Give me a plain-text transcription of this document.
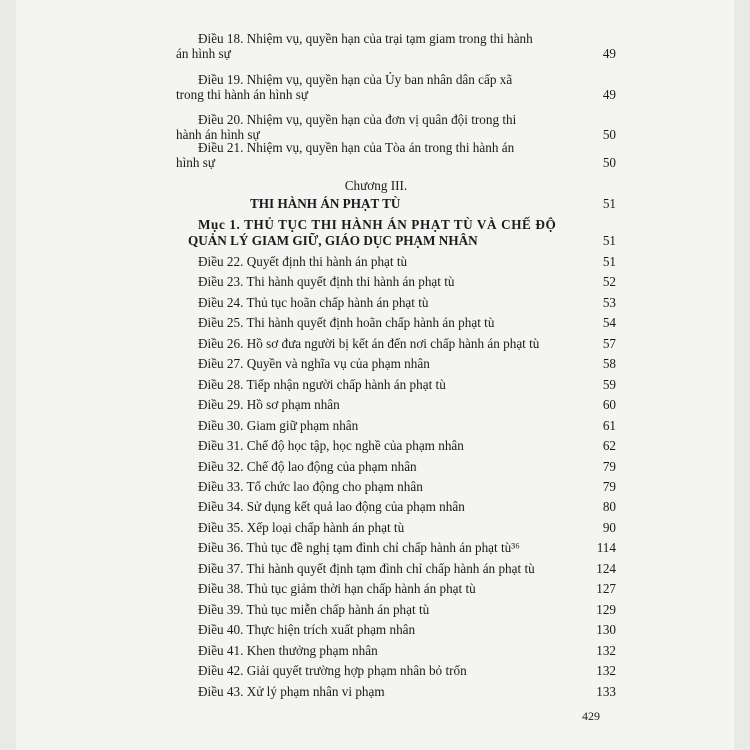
Điều 18. Nhiệm vụ, quyền hạn của trại tạm giam trong thi hành
án hình sự	49
Điều 19. Nhiệm vụ, quyền hạn của Ủy ban nhân dân cấp xã
trong thi hành án hình sự	49
Điều 20. Nhiệm vụ, quyền hạn của đơn vị quân đội trong thi
hành án hình sự	50
Điều 21. Nhiệm vụ, quyền hạn của Tòa án trong thi hành án
hình sự	50
Chương III.
THI HÀNH ÁN PHẠT TÙ	51
Mục 1. THỦ TỤC THI HÀNH ÁN PHẠT TÙ VÀ CHẾ ĐỘ
QUẢN LÝ GIAM GIỮ, GIÁO DỤC PHẠM NHÂN	51
Điều 22. Quyết định thi hành án phạt tù	51
Điều 23. Thi hành quyết định thi hành án phạt tù	52
Điều 24. Thủ tục hoãn chấp hành án phạt tù	53
Điều 25. Thi hành quyết định hoãn chấp hành án phạt tù	54
Điều 26. Hồ sơ đưa người bị kết án đến nơi chấp hành án phạt tù	57
Điều 27. Quyền và nghĩa vụ của phạm nhân	58
Điều 28. Tiếp nhận người chấp hành án phạt tù	59
Điều 29. Hồ sơ phạm nhân	60
Điều 30. Giam giữ phạm nhân	61
Điều 31. Chế độ học tập, học nghề của phạm nhân	62
Điều 32. Chế độ lao động của phạm nhân	79
Điều 33. Tổ chức lao động cho phạm nhân	79
Điều 34. Sử dụng kết quả lao động của phạm nhân	80
Điều 35. Xếp loại chấp hành án phạt tù	90
Điều 36. Thủ tục đề nghị tạm đình chỉ chấp hành án phạt tù³⁶	114
Điều 37. Thi hành quyết định tạm đình chỉ chấp hành án phạt tù	124
Điều 38. Thủ tục giảm thời hạn chấp hành án phạt tù	127
Điều 39. Thủ tục miễn chấp hành án phạt tù	129
Điều 40. Thực hiện trích xuất phạm nhân	130
Điều 41. Khen thưởng phạm nhân	132
Điều 42. Giải quyết trường hợp phạm nhân bỏ trốn	132
Điều 43. Xử lý phạm nhân vi phạm	133
429
